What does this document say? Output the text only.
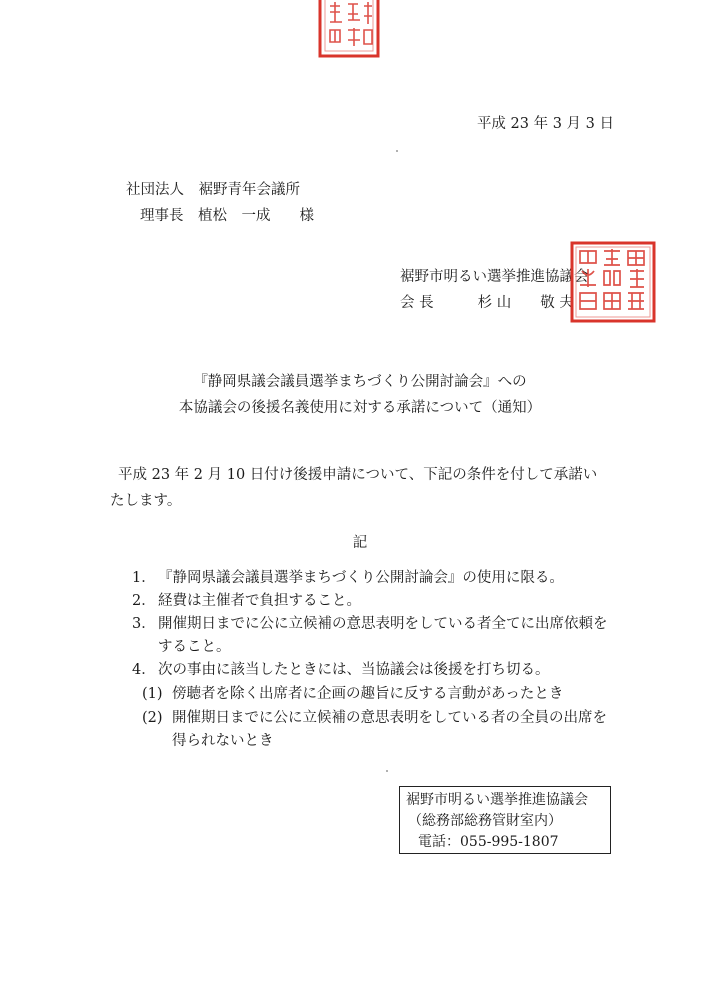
平成 23 年 3 月 3 日
社団法人　裾野青年会議所
理事長　植松　一成　　様
裾野市明るい選挙推進協議会
会 長	杉 山　　敬 夫
『静岡県議会議員選挙まちづくり公開討論会』への
本協議会の後援名義使用に対する承諾について（通知）
平成 23 年 2 月 10 日付け後援申請について、下記の条件を付して承諾いたします。
記
1． 『静岡県議会議員選挙まちづくり公開討論会』の使用に限る。
2． 経費は主催者で負担すること。
3． 開催期日までに公に立候補の意思表明をしている者全てに出席依頼を
すること。
4． 次の事由に該当したときには、当協議会は後援を打ち切る。
(1) 傍聴者を除く出席者に企画の趣旨に反する言動があったとき
(2) 開催期日までに公に立候補の意思表明をしている者の全員の出席を
得られないとき
裾野市明るい選挙推進協議会
（総務部総務管財室内）
電話：055-995-1807
